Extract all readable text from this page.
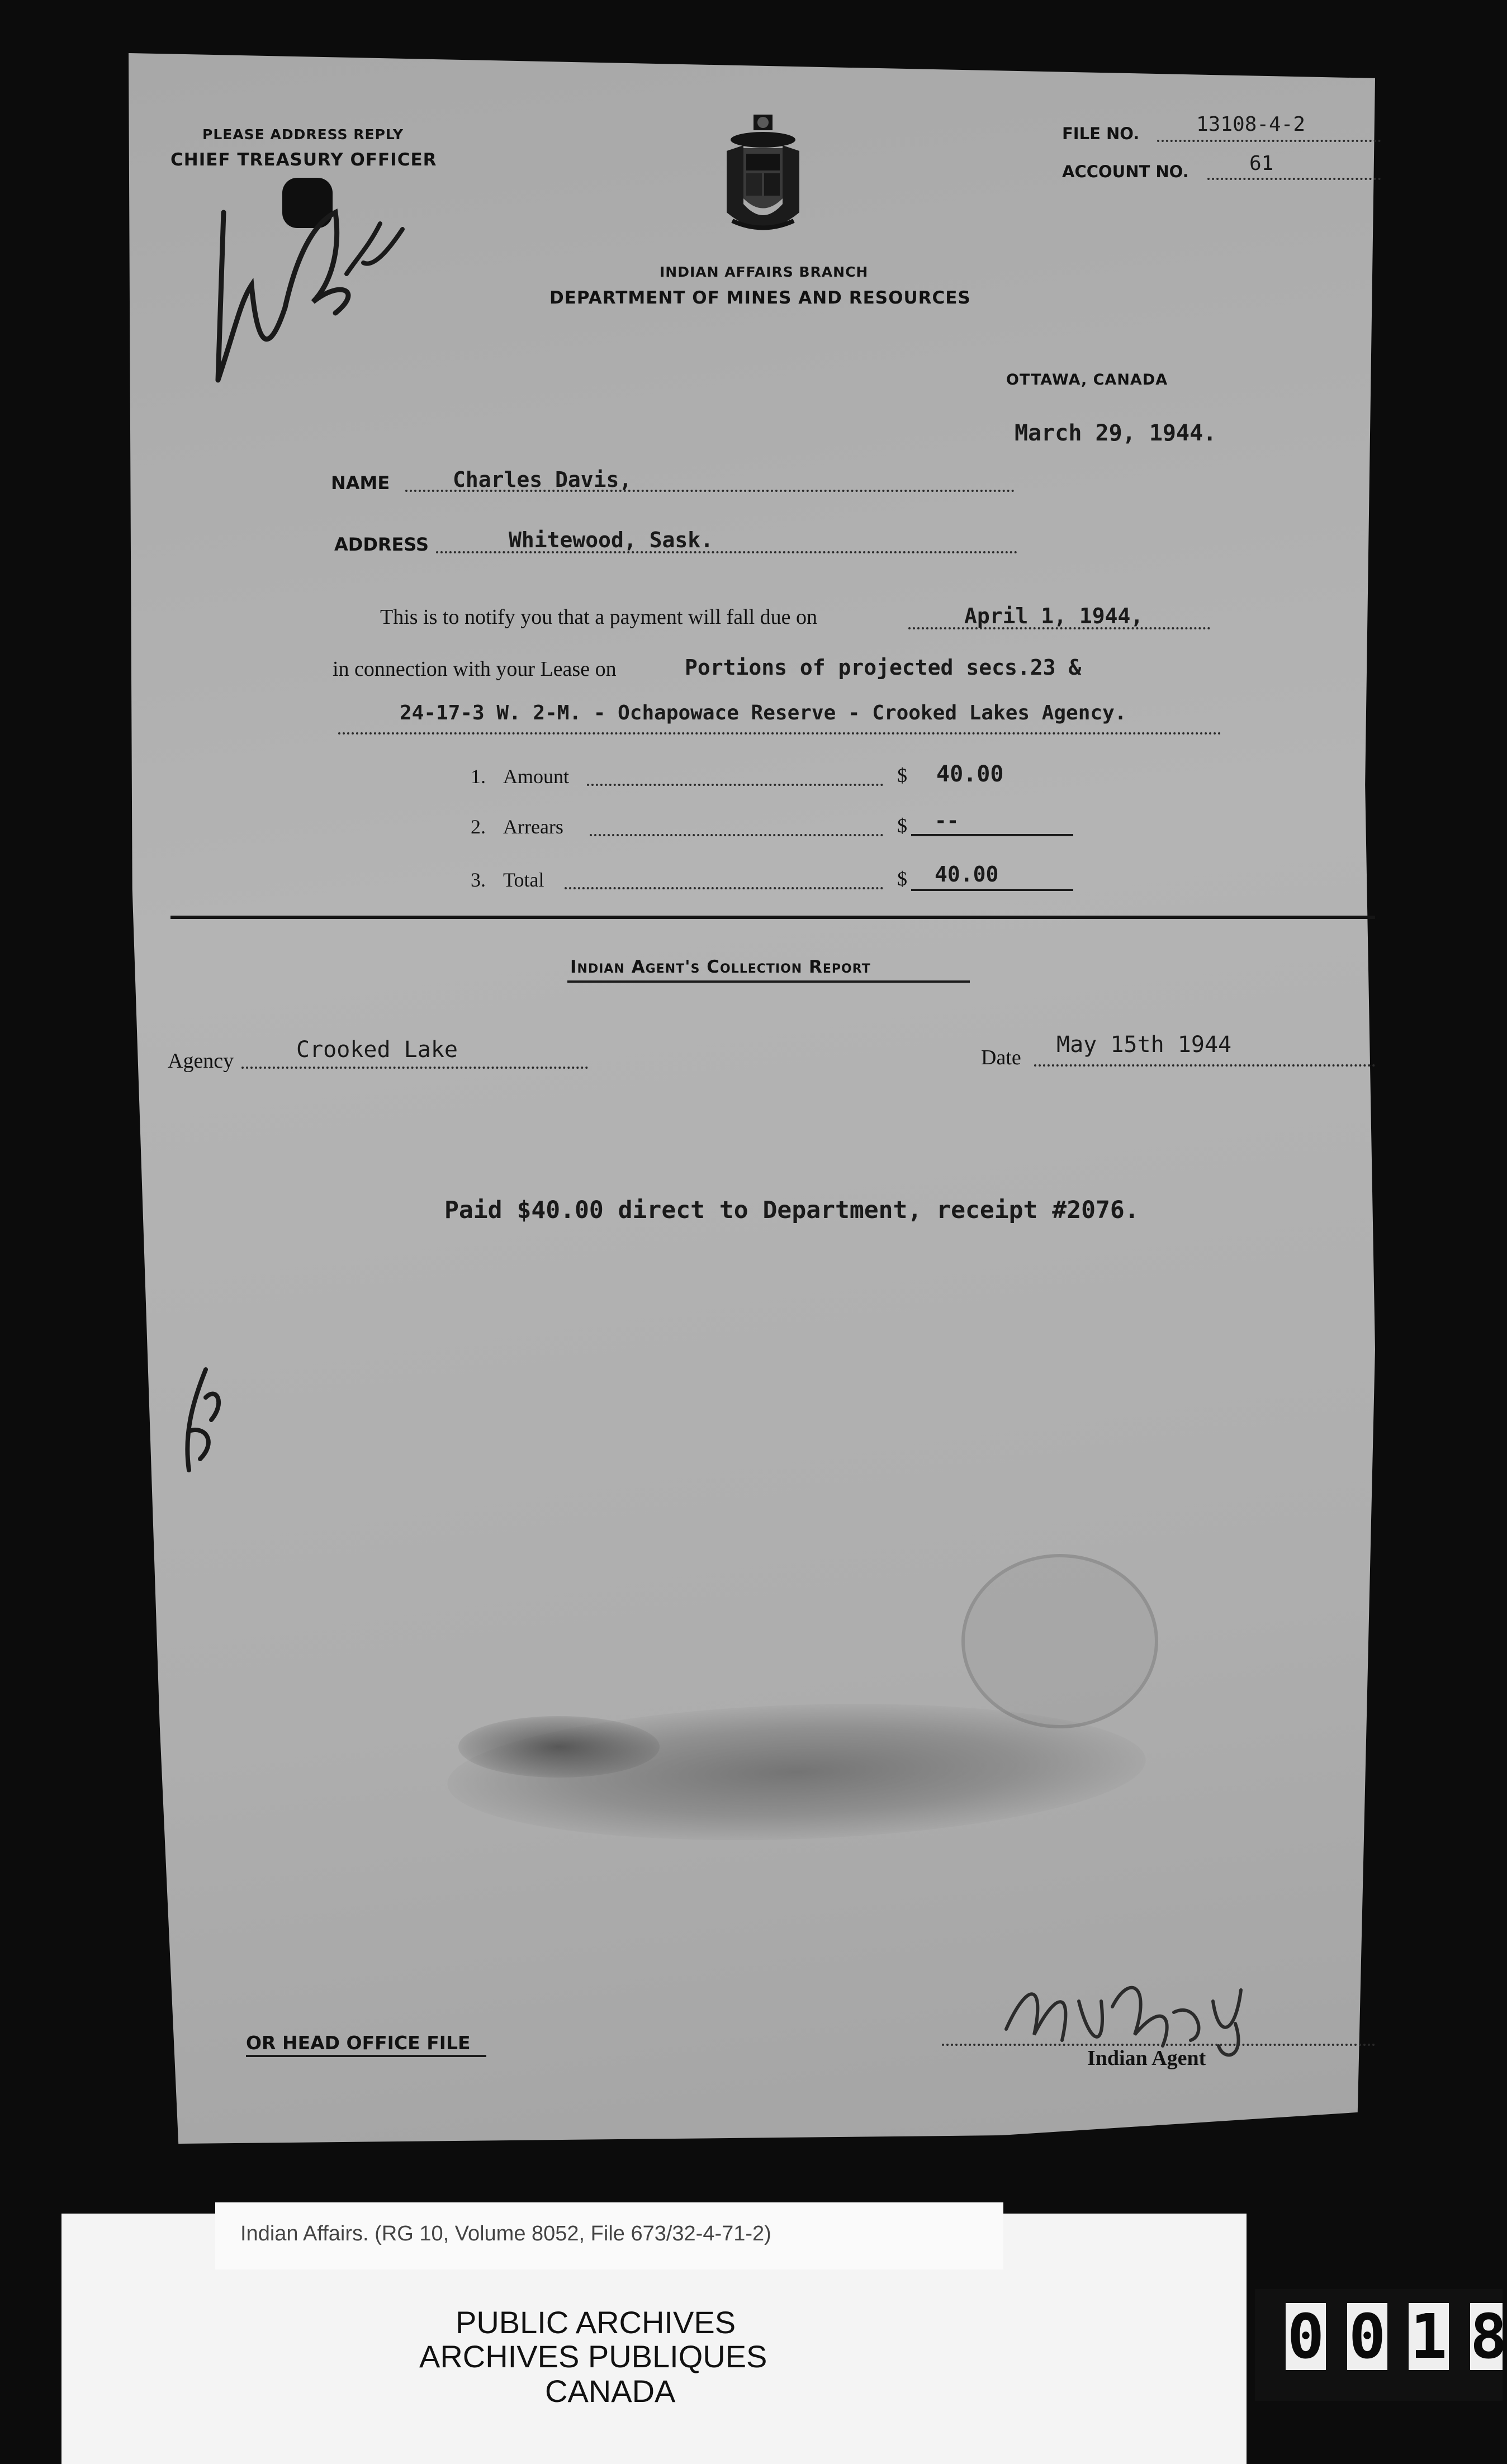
PLEASE ADDRESS REPLY
CHIEF TREASURY OFFICER
Mr Butler
INDIAN AFFAIRS BRANCH
DEPARTMENT OF MINES AND RESOURCES
FILE NO.	13108-4-2
ACCOUNT NO.	61
OTTAWA, CANADA
March 29, 1944.
NAME	Charles Davis,
ADDRESS	Whitewood, Sask.
This is to notify you that a payment will fall due on	April 1, 1944,
in connection with your Lease on	Portions of projected secs.23 &
24-17-3 W. 2-M. - Ochapowace Reserve - Crooked Lakes Agency.
1. Amount	$ 40.00
2. Arrears	$ --
3. Total	$ 40.00
Indian Agent's Collection Report
Agency	Crooked Lake	Date May 15th 1944
Paid $40.00 direct to Department, receipt #2076.
dg
OR HEAD OFFICE FILE
W J D Kealey
Indian Agent
Indian Affairs. (RG 10, Volume 8052, File 673/32-4-71-2)
PUBLIC ARCHIVES
ARCHIVES PUBLIQUES
CANADA
0 0 1 8
